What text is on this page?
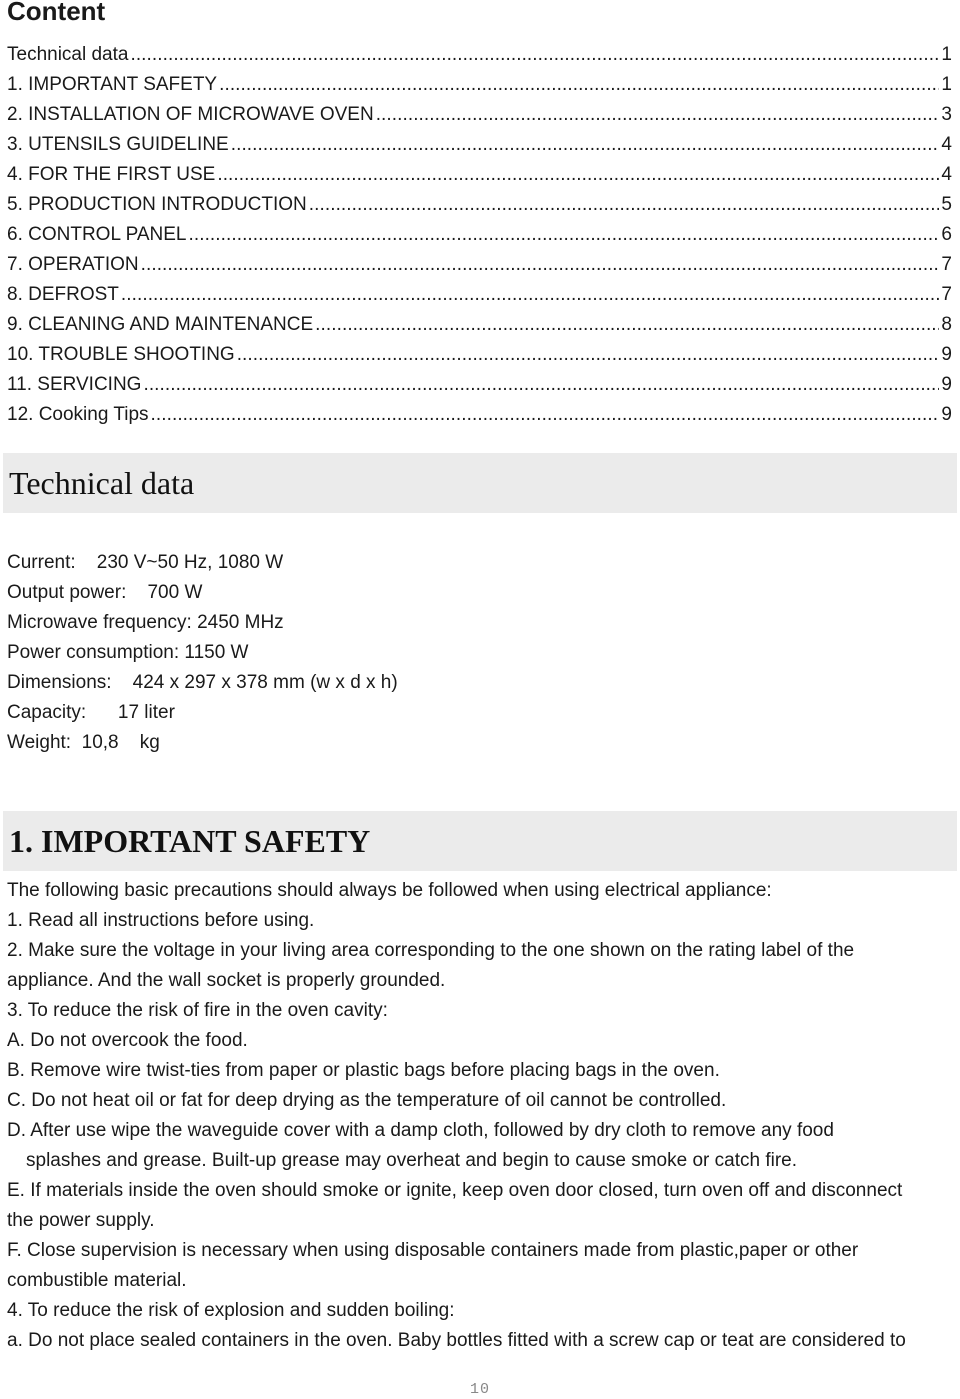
Content
Technical data . . .	1
1. IMPORTANT SAFETY . . .	1
2. INSTALLATION OF MICROWAVE OVEN . . .	3
3. UTENSILS GUIDELINE . . .	4
4. FOR THE FIRST USE . . .	4
5. PRODUCTION INTRODUCTION . . .	5
6. CONTROL PANEL . . .	6
7. OPERATION . . .	7
8. DEFROST . . .	7
9. CLEANING AND MAINTENANCE . . .	8
10. TROUBLE SHOOTING . . .	9
11. SERVICING . . .	9
12. Cooking Tips . . .	9
Technical data
Current:    230 V~50 Hz, 1080 W
Output power:    700 W
Microwave frequency: 2450 MHz
Power consumption: 1150 W
Dimensions:    424 x 297 x 378 mm (w x d x h)
Capacity:      17 liter
Weight:  10,8    kg
1. IMPORTANT SAFETY
The following basic precautions should always be followed when using electrical appliance:
1. Read all instructions before using.
2. Make sure the voltage in your living area corresponding to the one shown on the rating label of the
appliance. And the wall socket is properly grounded.
3. To reduce the risk of fire in the oven cavity:
A. Do not overcook the food.
B. Remove wire twist-ties from paper or plastic bags before placing bags in the oven.
C. Do not heat oil or fat for deep drying as the temperature of oil cannot be controlled.
D. After use wipe the waveguide cover with a damp cloth, followed by dry cloth to remove any food
splashes and grease. Built-up grease may overheat and begin to cause smoke or catch fire.
E. If materials inside the oven should smoke or ignite, keep oven door closed, turn oven off and disconnect
the power supply.
F. Close supervision is necessary when using disposable containers made from plastic,paper or other
combustible material.
4. To reduce the risk of explosion and sudden boiling:
a. Do not place sealed containers in the oven. Baby bottles fitted with a screw cap or teat are considered to
10
